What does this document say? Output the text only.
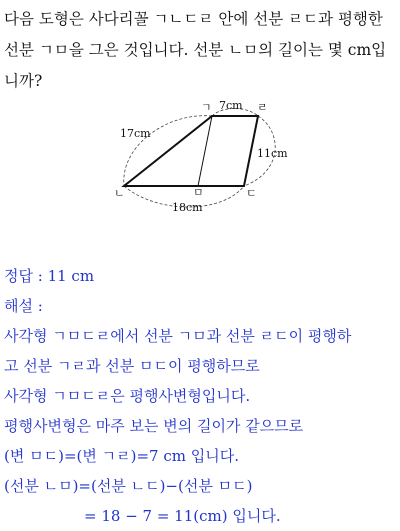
다음 도형은 사다리꼴 ㄱㄴㄷㄹ 안에 선분 ㄹㄷ과 평행한 선분 ㄱㅁ을 그은 것입니다. 선분 ㄴㅁ의 길이는 몇 cm입니까?

ㄱ	ㄹ
ㄴ	ㄷ
ㅁ
7cm
17cm
11cm
18cm
정답 : 11 cm
해설 :
사각형 ㄱㅁㄷㄹ에서 선분 ㄱㅁ과 선분 ㄹㄷ이 평행하
고 선분 ㄱㄹ과 선분 ㅁㄷ이 평행하므로
사각형 ㄱㅁㄷㄹ은 평행사변형입니다.
평행사변형은 마주 보는 변의 길이가 같으므로
(변 ㅁㄷ)=(변 ㄱㄹ)=7 cm 입니다.
(선분 ㄴㅁ)=(선분 ㄴㄷ)−(선분 ㅁㄷ)
= 18 − 7 = 11(cm) 입니다.
